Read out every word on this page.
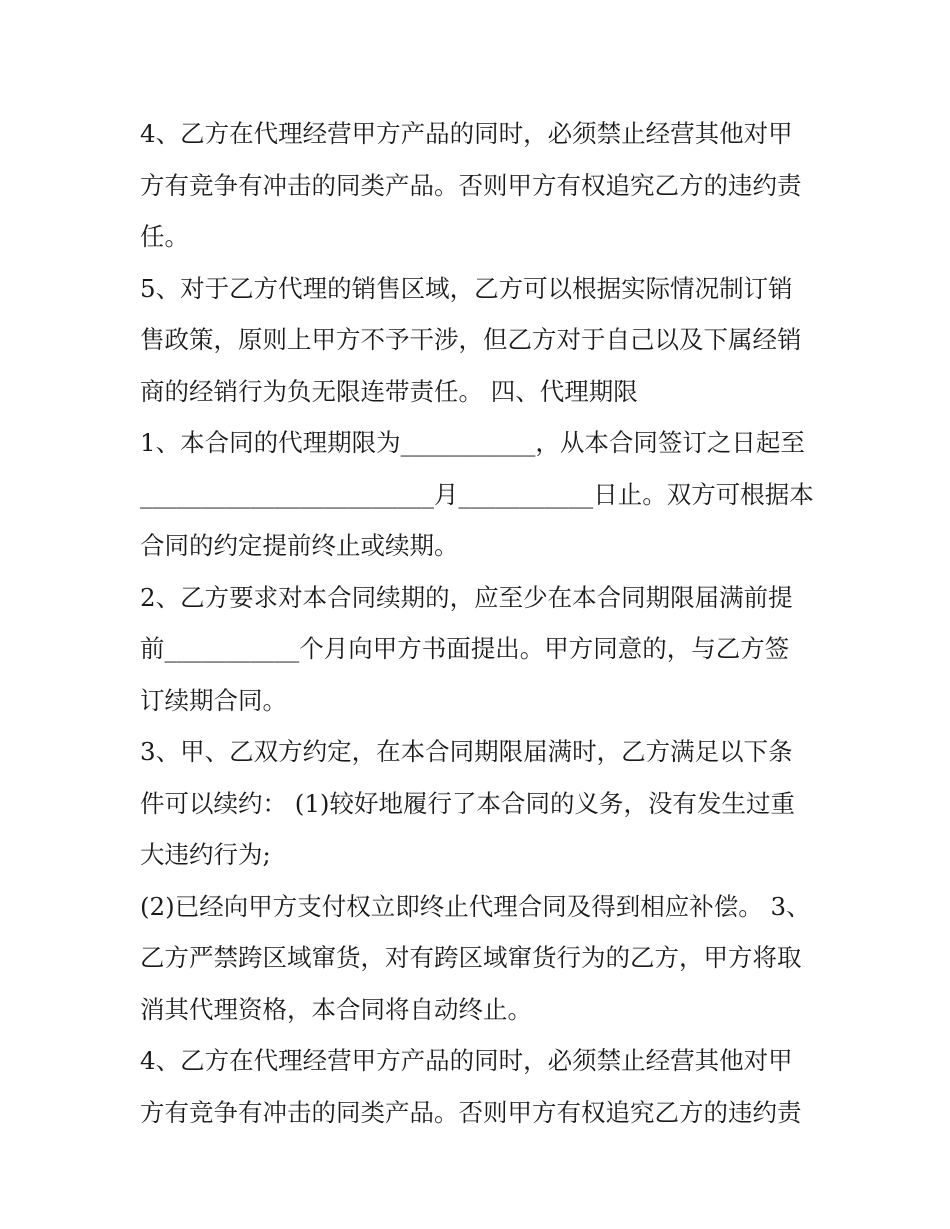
4、乙方在代理经营甲方产品的同时，必须禁止经营其他对甲
方有竞争有冲击的同类产品。否则甲方有权追究乙方的违约责
任。
5、对于乙方代理的销售区域，乙方可以根据实际情况制订销
售政策，原则上甲方不予干涉，但乙方对于自己以及下属经销
商的经销行为负无限连带责任。 四、代理期限
1、本合同的代理期限为___________，从本合同签订之日起至
________________________月___________日止。双方可根据本
合同的约定提前终止或续期。
2、乙方要求对本合同续期的，应至少在本合同期限届满前提
前___________个月向甲方书面提出。甲方同意的，与乙方签
订续期合同。
3、甲、乙双方约定，在本合同期限届满时，乙方满足以下条
件可以续约： (1)较好地履行了本合同的义务，没有发生过重
大违约行为;
(2)已经向甲方支付权立即终止代理合同及得到相应补偿。 3、
乙方严禁跨区域窜货，对有跨区域窜货行为的乙方，甲方将取
消其代理资格，本合同将自动终止。
4、乙方在代理经营甲方产品的同时，必须禁止经营其他对甲
方有竞争有冲击的同类产品。否则甲方有权追究乙方的违约责
